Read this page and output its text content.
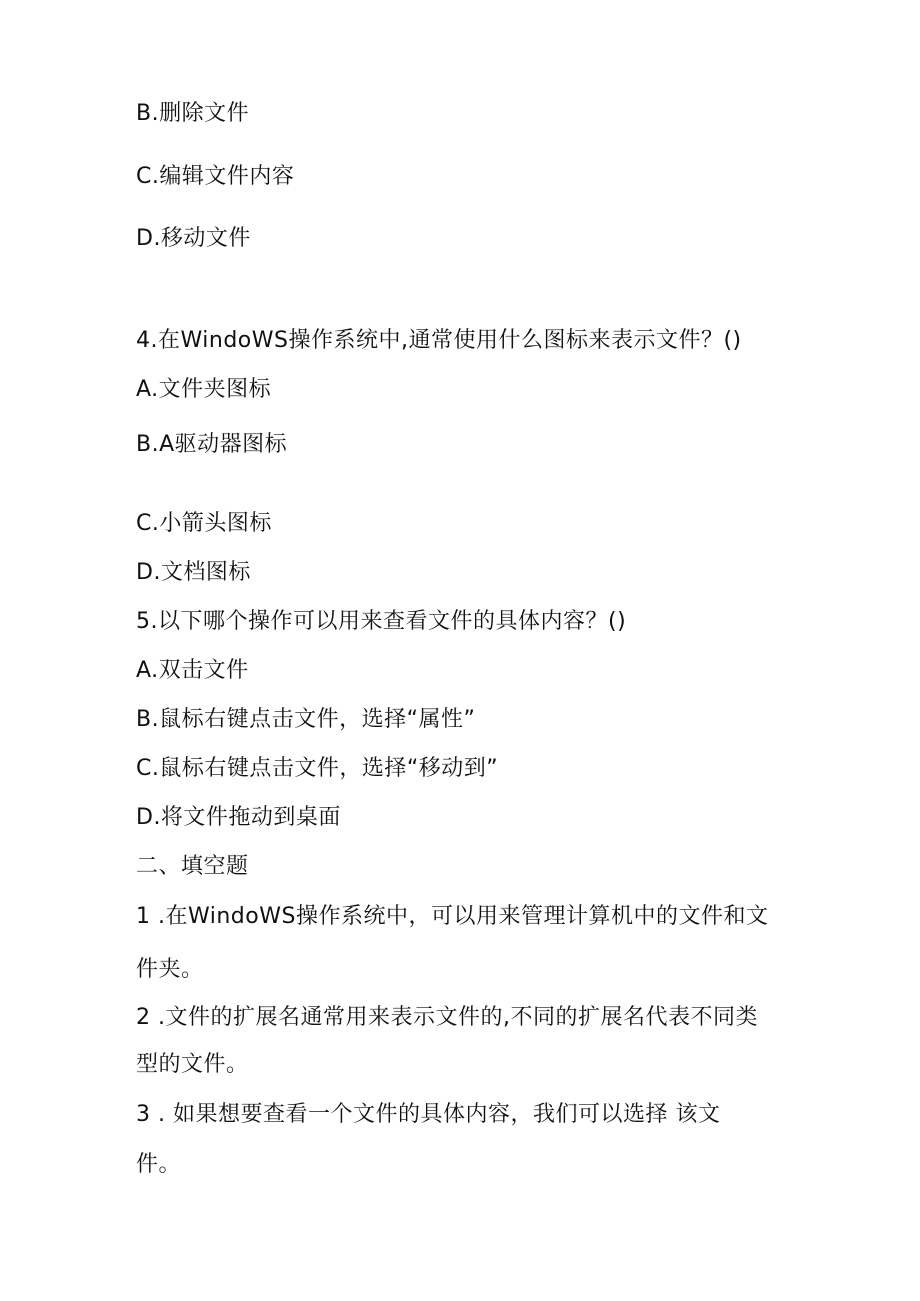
B.删除文件
C.编辑文件内容
D.移动文件
4.在WindoWS操作系统中,通常使用什么图标来表示文件？()
A.文件夹图标
B.A驱动器图标
C.小箭头图标
D.文档图标
5.以下哪个操作可以用来查看文件的具体内容？()
A.双击文件
B.鼠标右键点击文件，选择“属性”
C.鼠标右键点击文件，选择“移动到”
D.将文件拖动到桌面
二、填空题
1 .在WindoWS操作系统中，可以用来管理计算机中的文件和文
件夹。
2 .文件的扩展名通常用来表示文件的,不同的扩展名代表不同类
型的文件。
3 . 如果想要查看一个文件的具体内容，我们可以选择 该文
件。
